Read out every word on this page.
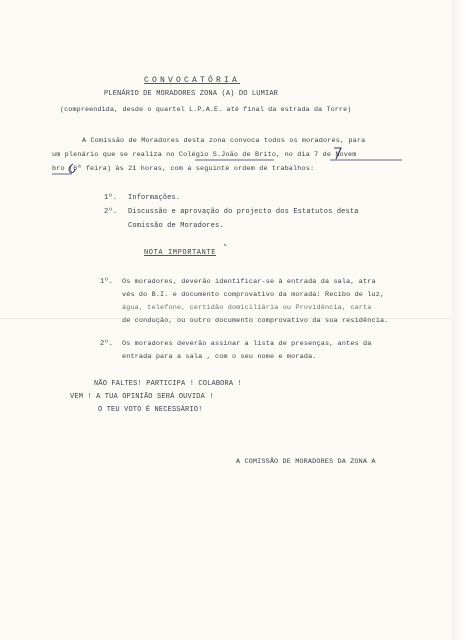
CONVOCATÓRIA
PLENÁRIO DE MORADORES ZONA (A) DO LUMIAR
(compreendida, desde o quartel L.P.A.E. até final da estrada da Torre)
A Comissão de Moradores desta zona convoca todos os moradores, para
um plenário que se realiza no Colégio S.João de Brito, no dia 7 de Novem
bro (6ª feira) às 21 horas, com a seguinte ordem de trabalhos:
1º. Informações.
2º. Discussão e aprovação do projecto dos Estatutos desta
Comissão de Moradores.
NOTA IMPORTANTE
1º. Os moradores, deverão identificar-se à entrada da sala, atra
vés do B.I. e documento comprovativo da morada: Recibo de luz,
água, telefone, certidão domiciliária ou Providência, carta
de condução, ou outro documento comprovativo da sua residência.
2º. Os moradores deverão assinar a lista de presenças, antes da
entrada para a sala , com o seu nome e morada.
NÃO FALTES! PARTICIPA ! COLABORA !
VEM ! A TUA OPINIÃO SERÁ OUVIDA !
O TEU VOTO É NECESSÁRIO!
A COMISSÃO DE MORADORES DA ZONA A
